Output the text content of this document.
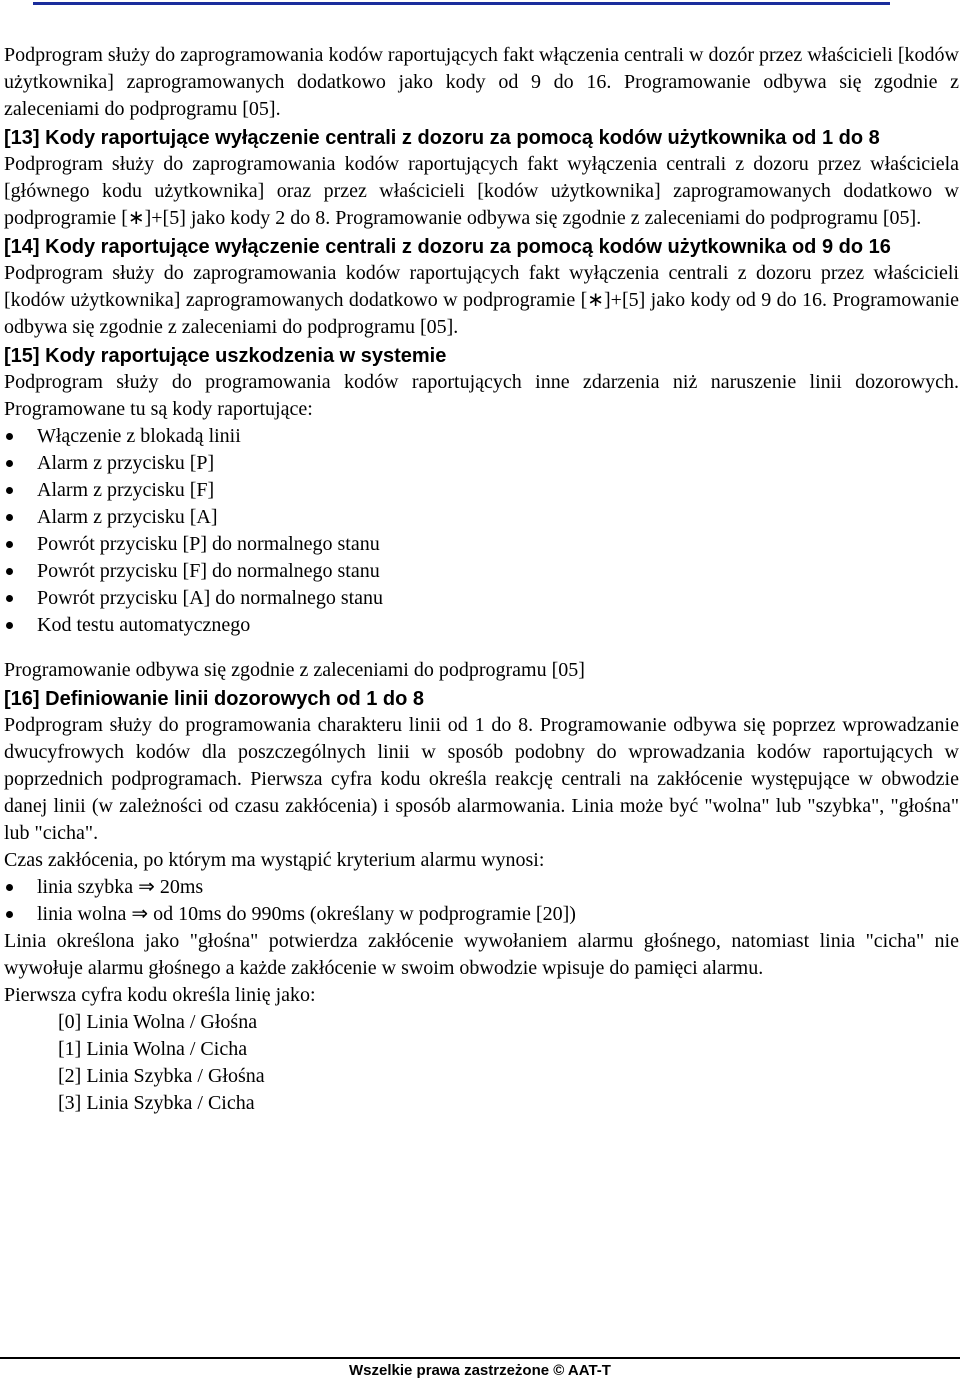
Podprogram służy do zaprogramowania kodów raportujących fakt włączenia centrali w dozór przez właścicieli [kodów użytkownika] zaprogramowanych dodatkowo jako kody od 9 do 16. Programowanie odbywa się zgodnie z zaleceniami do podprogramu [05].

[13] Kody raportujące wyłączenie centrali z dozoru za pomocą kodów użytkownika od 1 do 8

Podprogram służy do zaprogramowania kodów raportujących fakt wyłączenia centrali z dozoru przez właściciela [głównego kodu użytkownika] oraz przez właścicieli [kodów użytkownika] zaprogramowanych dodatkowo w podprogramie [∗]+[5] jako kody 2 do 8. Programowanie odbywa się zgodnie z zaleceniami do podprogramu [05].

[14] Kody raportujące wyłączenie centrali z dozoru za pomocą kodów użytkownika od 9 do 16

Podprogram służy do zaprogramowania kodów raportujących fakt wyłączenia centrali z dozoru przez właścicieli [kodów użytkownika] zaprogramowanych dodatkowo w podprogramie [∗]+[5] jako kody od 9 do 16. Programowanie odbywa się zgodnie z zaleceniami do podprogramu [05].

[15] Kody raportujące uszkodzenia w systemie

Podprogram służy do programowania kodów raportujących inne zdarzenia niż naruszenie linii dozorowych. Programowane tu są kody raportujące:

Włączenie z blokadą linii
Alarm z przycisku [P]
Alarm z przycisku [F]
Alarm z przycisku [A]
Powrót przycisku [P] do normalnego stanu
Powrót przycisku [F] do normalnego stanu
Powrót przycisku [A] do normalnego stanu
Kod testu automatycznego

Programowanie odbywa się zgodnie z zaleceniami do podprogramu [05]

[16] Definiowanie linii dozorowych od 1 do 8

Podprogram służy do programowania charakteru linii od 1 do 8. Programowanie odbywa się poprzez wprowadzanie dwucyfrowych kodów dla poszczególnych linii w sposób podobny do wprowadzania kodów raportujących w poprzednich podprogramach. Pierwsza cyfra kodu określa reakcję centrali na zakłócenie występujące w obwodzie danej linii (w zależności od czasu zakłócenia) i sposób alarmowania. Linia może być "wolna" lub "szybka", "głośna" lub "cicha".

Czas zakłócenia, po którym ma wystąpić kryterium alarmu wynosi:

linia szybka ⇒ 20ms
linia wolna ⇒ od 10ms do 990ms (określany w podprogramie [20])

Linia określona jako "głośna" potwierdza zakłócenie wywołaniem alarmu głośnego, natomiast linia "cicha" nie wywołuje alarmu głośnego a każde zakłócenie w swoim obwodzie wpisuje do pamięci alarmu.

Pierwsza cyfra kodu określa linię jako:

[0] Linia Wolna / Głośna
[1] Linia Wolna / Cicha
[2] Linia Szybka / Głośna
[3] Linia Szybka / Cicha
Wszelkie prawa zastrzeżone © AAT-T
